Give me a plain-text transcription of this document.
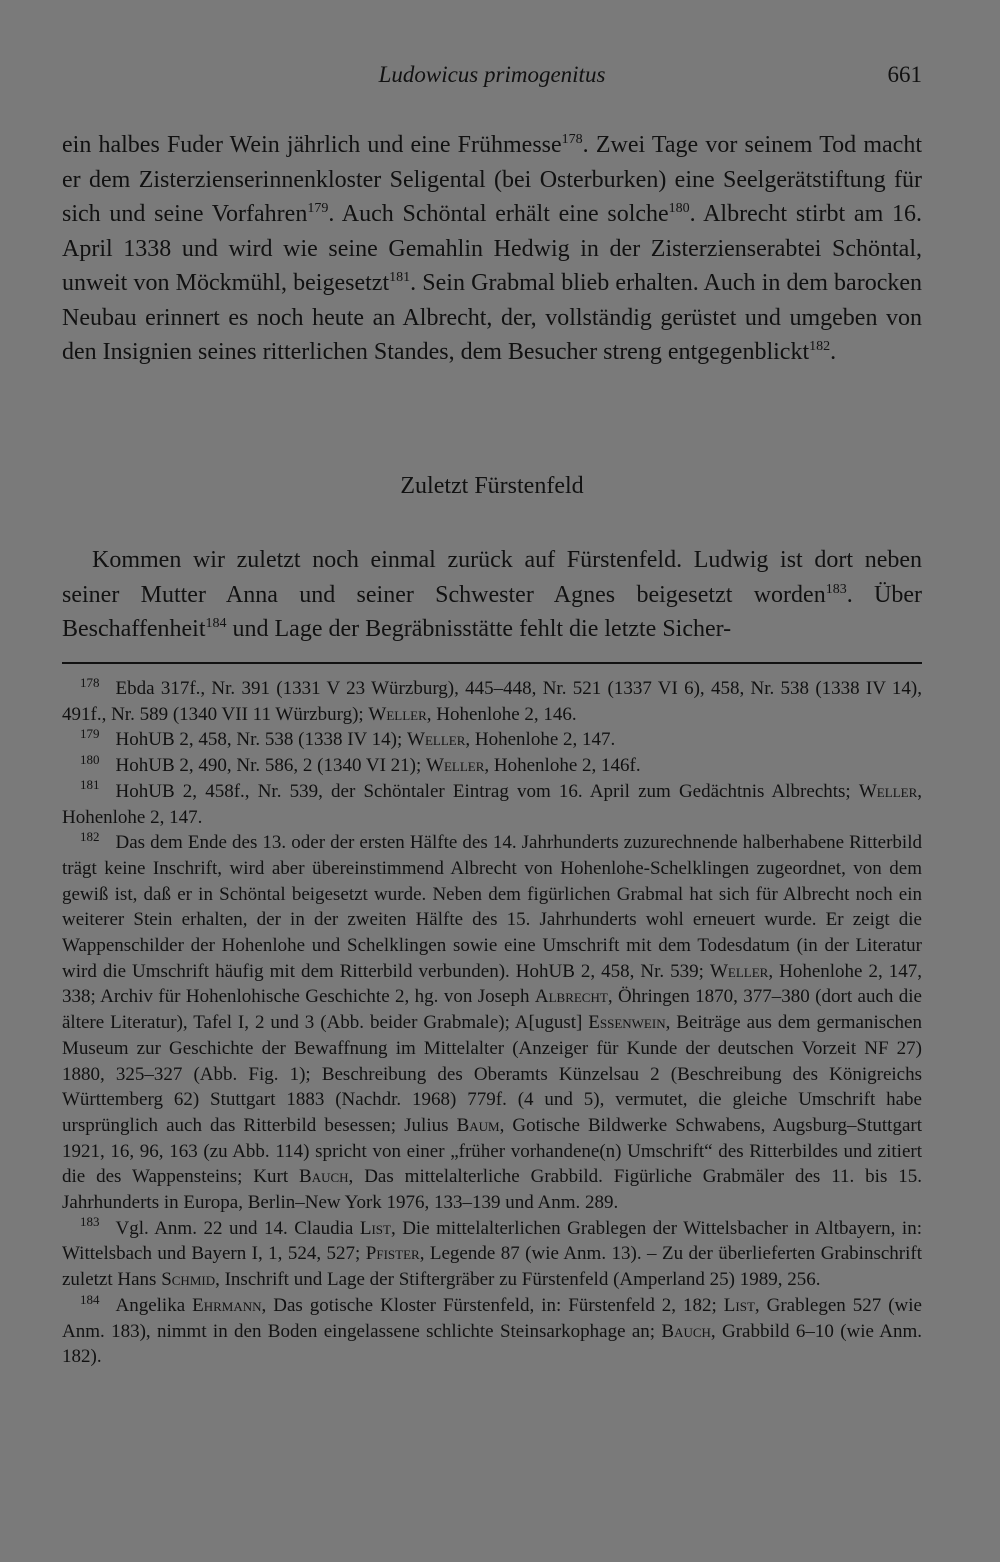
Ludowicus primogenitus	661

ein halbes Fuder Wein jährlich und eine Frühmesse$^{178}$. Zwei Tage vor seinem Tod macht er dem Zisterzienserinnenkloster Seligental (bei Osterburken) eine Seelgerätstiftung für sich und seine Vorfahren$^{179}$. Auch Schöntal erhält eine solche$^{180}$. Albrecht stirbt am 16. April 1338 und wird wie seine Gemahlin Hedwig in der Zisterzienserabtei Schöntal, unweit von Möckmühl, beigesetzt$^{181}$. Sein Grabmal blieb erhalten. Auch in dem barocken Neubau erinnert es noch heute an Albrecht, der, vollständig gerüstet und umgeben von den Insignien seines ritterlichen Standes, dem Besucher streng entgegenblickt$^{182}$.

Zuletzt Fürstenfeld

Kommen wir zuletzt noch einmal zurück auf Fürstenfeld. Ludwig ist dort neben seiner Mutter Anna und seiner Schwester Agnes beigesetzt worden$^{183}$. Über Beschaffenheit$^{184}$ und Lage der Begräbnisstätte fehlt die letzte Sicher-

178 Ebda 317f., Nr. 391 (1331 V 23 Würzburg), 445–448, Nr. 521 (1337 VI 6), 458, Nr. 538 (1338 IV 14), 491f., Nr. 589 (1340 VII 11 Würzburg); Weller, Hohenlohe 2, 146.

179 HohUB 2, 458, Nr. 538 (1338 IV 14); Weller, Hohenlohe 2, 147.

180 HohUB 2, 490, Nr. 586, 2 (1340 VI 21); Weller, Hohenlohe 2, 146f.

181 HohUB 2, 458f., Nr. 539, der Schöntaler Eintrag vom 16. April zum Gedächtnis Albrechts; Weller, Hohenlohe 2, 147.

182 Das dem Ende des 13. oder der ersten Hälfte des 14. Jahrhunderts zuzurechnende halberhabene Ritterbild trägt keine Inschrift, wird aber übereinstimmend Albrecht von Hohenlohe-Schelklingen zugeordnet, von dem gewiß ist, daß er in Schöntal beigesetzt wurde. Neben dem figürlichen Grabmal hat sich für Albrecht noch ein weiterer Stein erhalten, der in der zweiten Hälfte des 15. Jahrhunderts wohl erneuert wurde. Er zeigt die Wappenschilder der Hohenlohe und Schelklingen sowie eine Umschrift mit dem Todesdatum (in der Literatur wird die Umschrift häufig mit dem Ritterbild verbunden). HohUB 2, 458, Nr. 539; Weller, Hohenlohe 2, 147, 338; Archiv für Hohenlohische Geschichte 2, hg. von Joseph Albrecht, Öhringen 1870, 377–380 (dort auch die ältere Literatur), Tafel I, 2 und 3 (Abb. beider Grabmale); A[ugust] Essenwein, Beiträge aus dem germanischen Museum zur Geschichte der Bewaffnung im Mittelalter (Anzeiger für Kunde der deutschen Vorzeit NF 27) 1880, 325–327 (Abb. Fig. 1); Beschreibung des Oberamts Künzelsau 2 (Beschreibung des Königreichs Württemberg 62) Stuttgart 1883 (Nachdr. 1968) 779f. (4 und 5), vermutet, die gleiche Umschrift habe ursprünglich auch das Ritterbild besessen; Julius Baum, Gotische Bildwerke Schwabens, Augsburg–Stuttgart 1921, 16, 96, 163 (zu Abb. 114) spricht von einer „früher vorhandene(n) Umschrift“ des Ritterbildes und zitiert die des Wappensteins; Kurt Bauch, Das mittelalterliche Grabbild. Figürliche Grabmäler des 11. bis 15. Jahrhunderts in Europa, Berlin–New York 1976, 133–139 und Anm. 289.

183 Vgl. Anm. 22 und 14. Claudia List, Die mittelalterlichen Grablegen der Wittelsbacher in Altbayern, in: Wittelsbach und Bayern I, 1, 524, 527; Pfister, Legende 87 (wie Anm. 13). – Zu der überlieferten Grabinschrift zuletzt Hans Schmid, Inschrift und Lage der Stiftergräber zu Fürstenfeld (Amperland 25) 1989, 256.

184 Angelika Ehrmann, Das gotische Kloster Fürstenfeld, in: Fürstenfeld 2, 182; List, Grablegen 527 (wie Anm. 183), nimmt in den Boden eingelassene schlichte Steinsarkophage an; Bauch, Grabbild 6–10 (wie Anm. 182).
